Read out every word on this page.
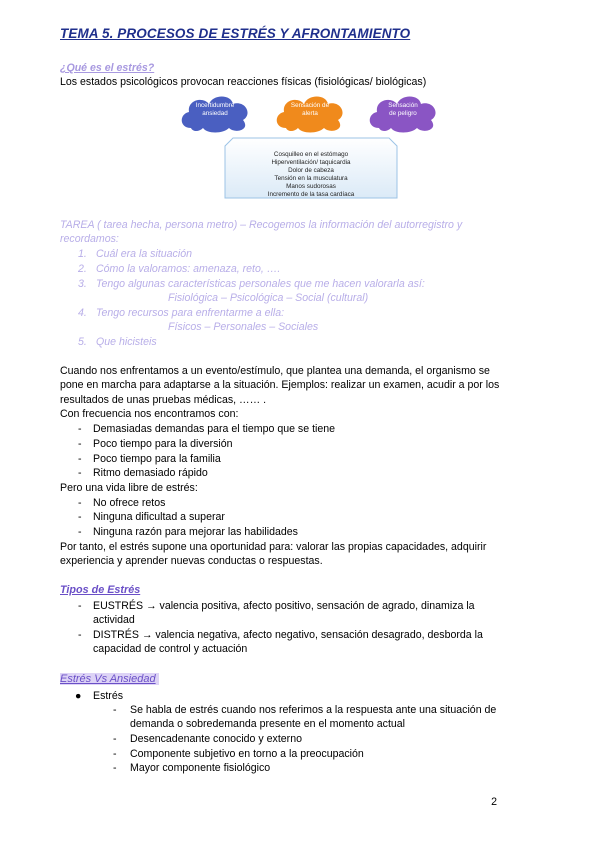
TEMA 5. PROCESOS DE ESTRÉS Y AFRONTAMIENTO
¿Qué es el estrés?
Los estados psicológicos provocan reacciones físicas (fisiológicas/ biológicas)
Cosquilleo en el estómago
Hiperventilación/ taquicardia
Dolor de cabeza
Tensión en la musculatura
Manos sudorosas
Incremento de la tasa cardíaca
Incertidumbre
ansiedad
Sensación de
alerta
Sensación
de peligro
TAREA ( tarea hecha, persona metro) – Recogemos la información del autorregistro y
recordamos:
1. Cuál era la situación
2. Cómo la valoramos: amenaza, reto, ….
3. Tengo algunas características personales que me hacen valorarla así:
Fisiológica – Psicológica – Social (cultural)
4. Tengo recursos para enfrentarme a ella:
Físicos – Personales – Sociales
5. Que hicisteis
Cuando nos enfrentamos a un evento/estímulo, que plantea una demanda, el organismo se
pone en marcha para adaptarse a la situación. Ejemplos: realizar un examen, acudir a por los
resultados de unas pruebas médicas, …… .
Con frecuencia nos encontramos con:
- Demasiadas demandas para el tiempo que se tiene
- Poco tiempo para la diversión
- Poco tiempo para la familia
- Ritmo demasiado rápido
Pero una vida libre de estrés:
- No ofrece retos
- Ninguna dificultad a superar
- Ninguna razón para mejorar las habilidades
Por tanto, el estrés supone una oportunidad para: valorar las propias capacidades, adquirir
experiencia y aprender nuevas conductas o respuestas.
Tipos de Estrés
- EUSTRÉS → valencia positiva, afecto positivo, sensación de agrado, dinamiza la
actividad
- DISTRÉS → valencia negativa, afecto negativo, sensación desagrado, desborda la
capacidad de control y actuación
Estrés Vs Ansiedad
● Estrés
- Se habla de estrés cuando nos referimos a la respuesta ante una situación de
demanda o sobredemanda presente en el momento actual
- Desencadenante conocido y externo
- Componente subjetivo en torno a la preocupación
- Mayor componente fisiológico
2
